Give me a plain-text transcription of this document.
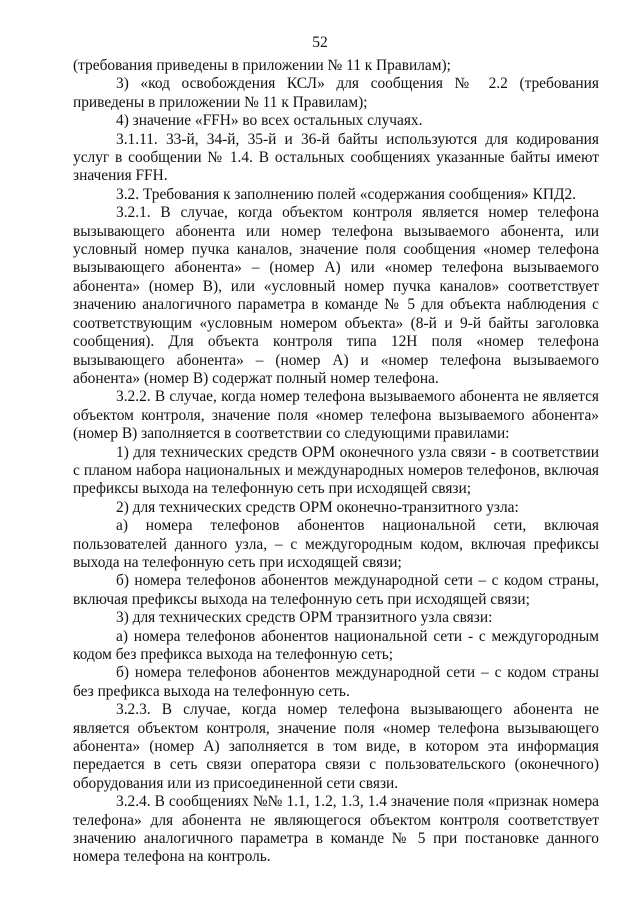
52

(требования приведены в приложении № 11 к Правилам);

3) «код освобождения КСЛ» для сообщения № 2.2 (требования приведены в приложении № 11 к Правилам);

4) значение «FFH» во всех остальных случаях.

3.1.11. 33-й, 34-й, 35-й и 36-й байты используются для кодирования услуг в сообщении № 1.4. В остальных сообщениях указанные байты имеют значения FFH.

3.2. Требования к заполнению полей «содержания сообщения» КПД2.

3.2.1. В случае, когда объектом контроля является номер телефона вызывающего абонента или номер телефона вызываемого абонента, или условный номер пучка каналов, значение поля сообщения «номер телефона вызывающего абонента» – (номер А) или «номер телефона вызываемого абонента» (номер В), или «условный номер пучка каналов» соответствует значению аналогичного параметра в команде № 5 для объекта наблюдения с соответствующим «условным номером объекта» (8-й и 9-й байты заголовка сообщения). Для объекта контроля типа 12H поля «номер телефона вызывающего абонента» – (номер А) и «номер телефона вызываемого абонента» (номер В) содержат полный номер телефона.

3.2.2. В случае, когда номер телефона вызываемого абонента не является объектом контроля, значение поля «номер телефона вызываемого абонента» (номер В) заполняется в соответствии со следующими правилами:

1) для технических средств ОРМ оконечного узла связи - в соответствии с планом набора национальных и международных номеров телефонов, включая префиксы выхода на телефонную сеть при исходящей связи;

2) для технических средств ОРМ оконечно-транзитного узла:

а) номера телефонов абонентов национальной сети, включая пользователей данного узла, – с междугородным кодом, включая префиксы выхода на телефонную сеть при исходящей связи;

б) номера телефонов абонентов международной сети – с кодом страны, включая префиксы выхода на телефонную сеть при исходящей связи;

3) для технических средств ОРМ транзитного узла связи:

а) номера телефонов абонентов национальной сети - с междугородным кодом без префикса выхода на телефонную сеть;

б) номера телефонов абонентов международной сети – с кодом страны без префикса выхода на телефонную сеть.

3.2.3. В случае, когда номер телефона вызывающего абонента не является объектом контроля, значение поля «номер телефона вызывающего абонента» (номер А) заполняется в том виде, в котором эта информация передается в сеть связи оператора связи с пользовательского (оконечного) оборудования или из присоединенной сети связи.

3.2.4. В сообщениях №№ 1.1, 1.2, 1.3, 1.4 значение поля «признак номера телефона» для абонента не являющегося объектом контроля соответствует значению аналогичного параметра в команде № 5 при постановке данного номера телефона на контроль.
